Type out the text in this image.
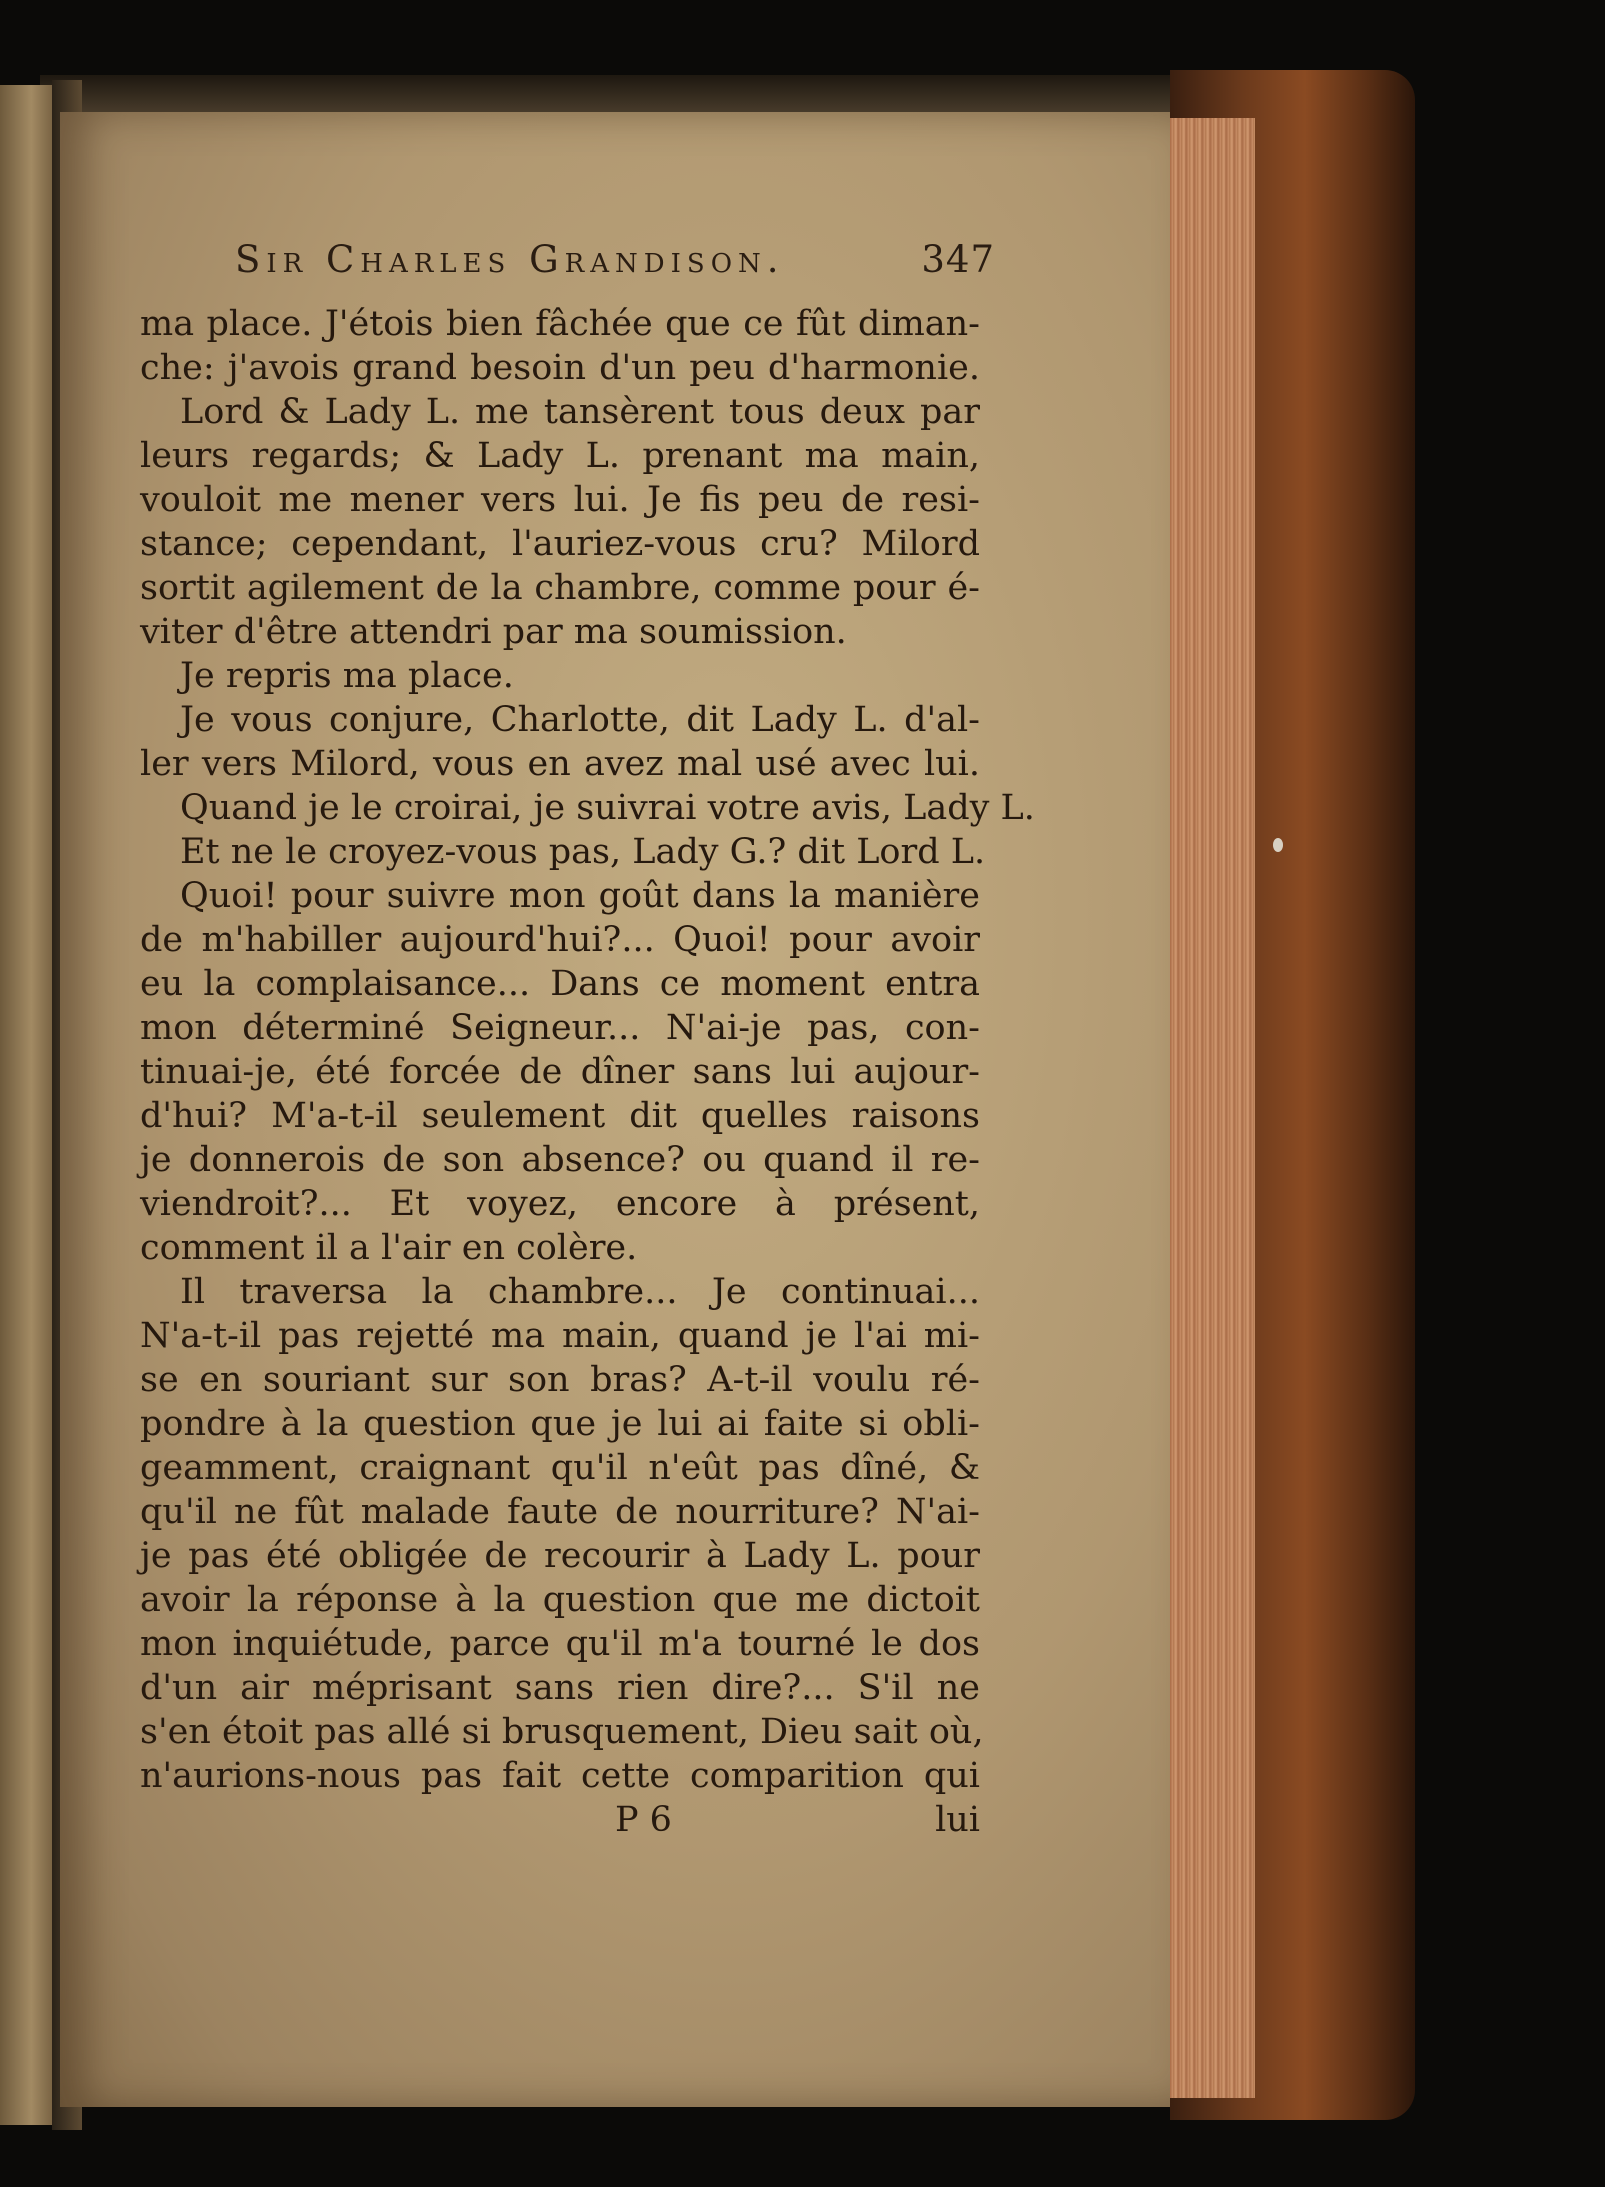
Sir Charles Grandison.	347
ma place. J'étois bien fâchée que ce fût diman-
che: j'avois grand besoin d'un peu d'harmonie.
Lord & Lady L. me tansèrent tous deux par
leurs regards; & Lady L. prenant ma main,
vouloit me mener vers lui. Je fis peu de resi-
stance; cependant, l'auriez-vous cru? Milord
sortit agilement de la chambre, comme pour é-
viter d'être attendri par ma soumission.
Je repris ma place.
Je vous conjure, Charlotte, dit Lady L. d'al-
ler vers Milord, vous en avez mal usé avec lui.
Quand je le croirai, je suivrai votre avis, Lady L.
Et ne le croyez-vous pas, Lady G.? dit Lord L.
Quoi! pour suivre mon goût dans la manière
de m'habiller aujourd'hui?... Quoi! pour avoir
eu la complaisance... Dans ce moment entra
mon déterminé Seigneur... N'ai-je pas, con-
tinuai-je, été forcée de dîner sans lui aujour-
d'hui? M'a-t-il seulement dit quelles raisons
je donnerois de son absence? ou quand il re-
viendroit?... Et voyez, encore à présent,
comment il a l'air en colère.
Il traversa la chambre... Je continuai...
N'a-t-il pas rejetté ma main, quand je l'ai mi-
se en souriant sur son bras? A-t-il voulu ré-
pondre à la question que je lui ai faite si obli-
geamment, craignant qu'il n'eût pas dîné, &
qu'il ne fût malade faute de nourriture? N'ai-
je pas été obligée de recourir à Lady L. pour
avoir la réponse à la question que me dictoit
mon inquiétude, parce qu'il m'a tourné le dos
d'un air méprisant sans rien dire?... S'il ne
s'en étoit pas allé si brusquement, Dieu sait où,
n'aurions-nous pas fait cette comparition qui
P 6	lui
